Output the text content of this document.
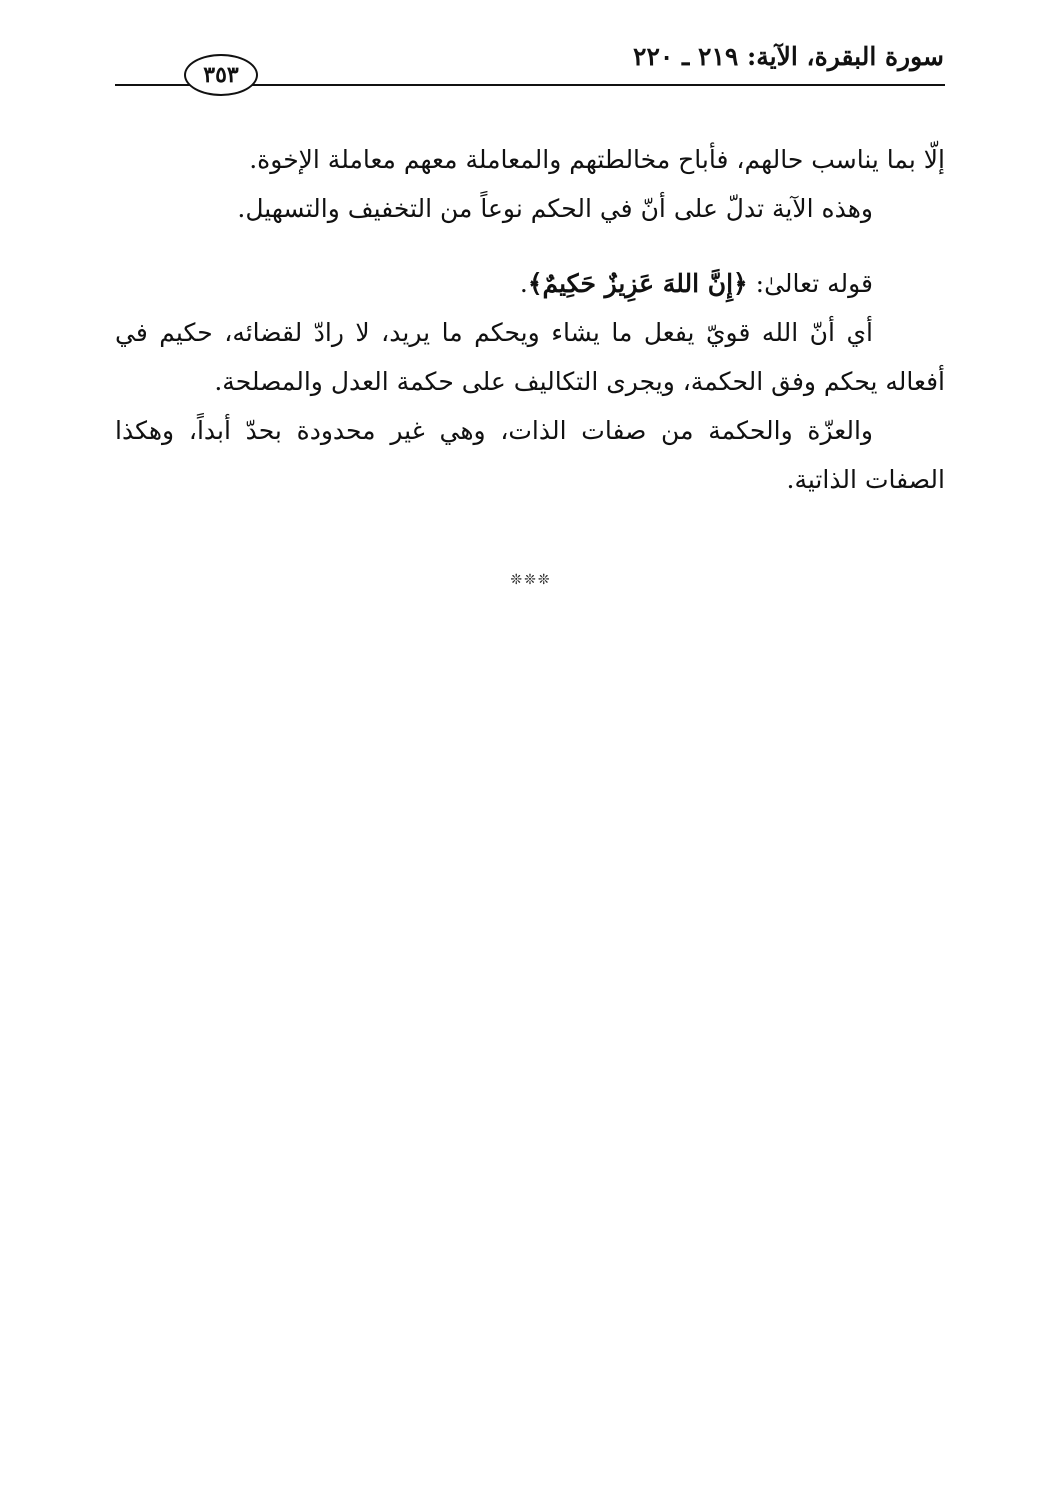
سورة البقرة، الآية: ٢١٩ ـ ٢٢٠
٣٥٣

إلّا بما يناسب حالهم، فأباح مخالطتهم والمعاملة معهم معاملة الإخوة.

وهذه الآية تدلّ على أنّ في الحكم نوعاً من التخفيف والتسهيل.

قوله تعالىٰ: ﴿إِنَّ اللهَ عَزِيزٌ حَكِيمٌ﴾.

أي أنّ الله قويّ يفعل ما يشاء ويحكم ما يريد، لا رادّ لقضائه، حكيم في أفعاله يحكم وفق الحكمة، ويجرى التكاليف على حكمة العدل والمصلحة.

والعزّة والحكمة من صفات الذات، وهي غير محدودة بحدّ أبداً، وهكذا الصفات الذاتية.

❊❊❊
